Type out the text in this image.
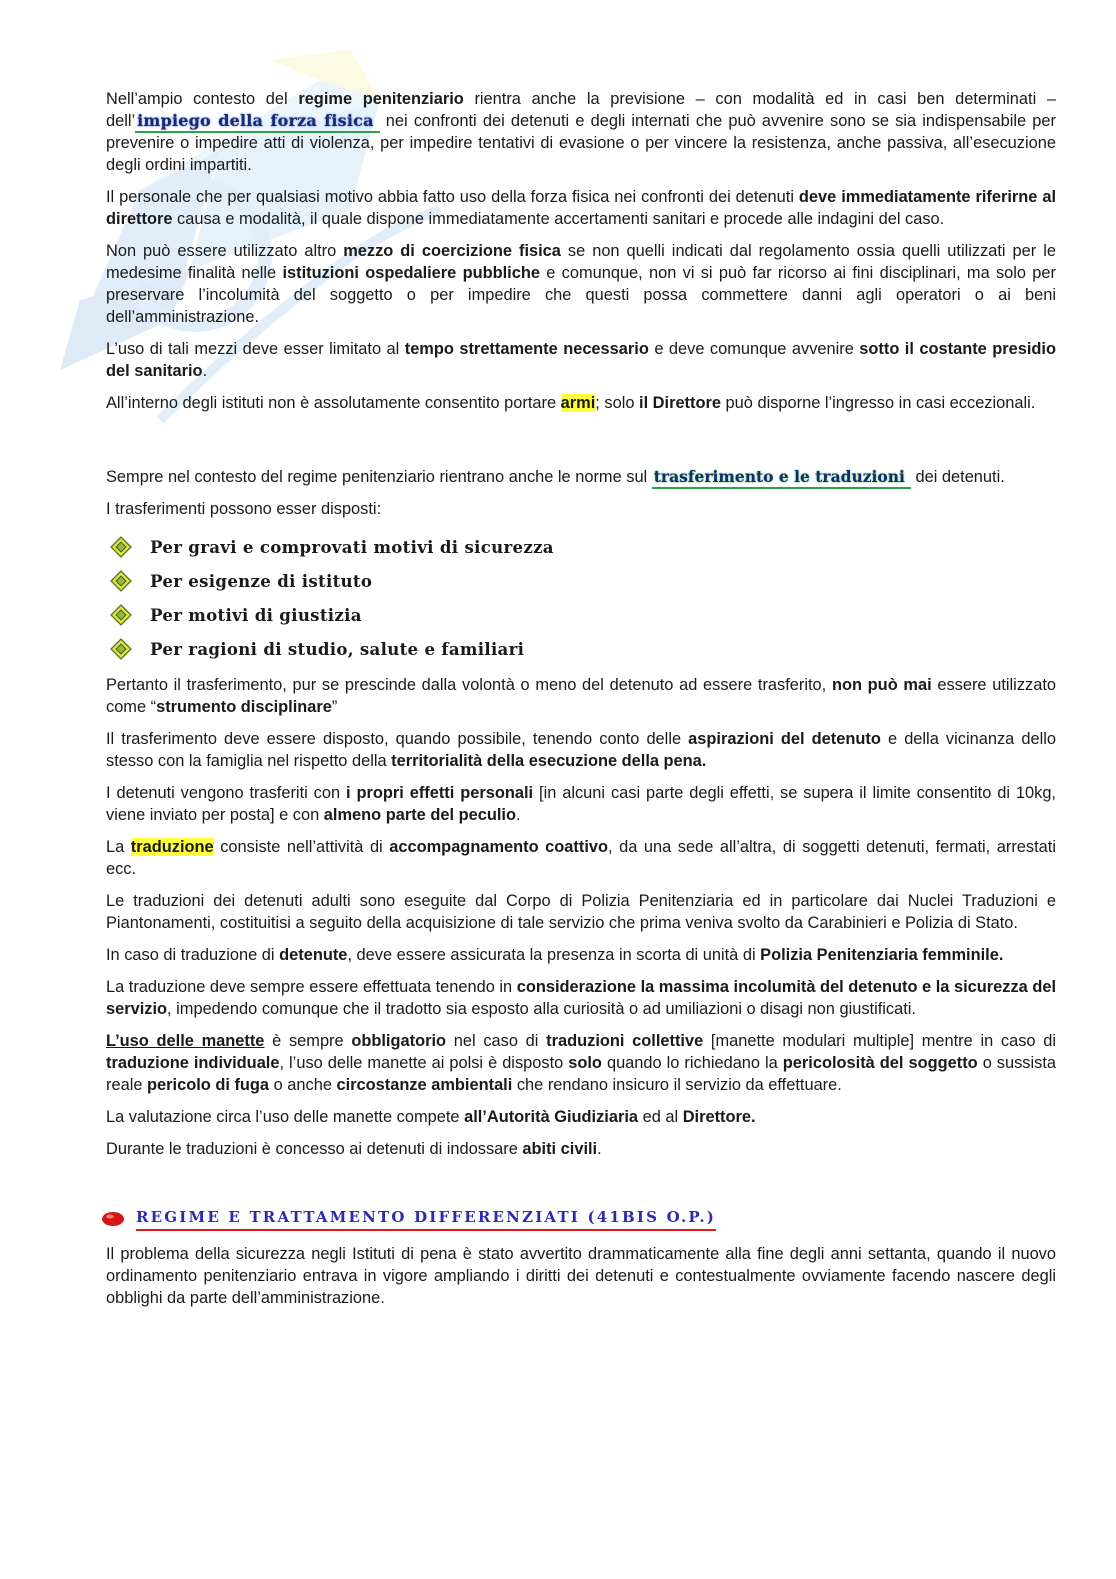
Nell’ampio contesto del regime penitenziario rientra anche la previsione – con modalità ed in casi ben determinati – dell’ impiego della forza fisica nei confronti dei detenuti e degli internati che può avvenire sono se sia indispensabile per prevenire o impedire atti di violenza, per impedire tentativi di evasione o per vincere la resistenza, anche passiva, all’esecuzione degli ordini impartiti.

Il personale che per qualsiasi motivo abbia fatto uso della forza fisica nei confronti dei detenuti deve immediatamente riferirne al direttore causa e modalità, il quale dispone immediatamente accertamenti sanitari e procede alle indagini del caso.

Non può essere utilizzato altro mezzo di coercizione fisica se non quelli indicati dal regolamento ossia quelli utilizzati per le medesime finalità nelle istituzioni ospedaliere pubbliche e comunque, non vi si può far ricorso ai fini disciplinari, ma solo per preservare l’incolumità del soggetto o per impedire che questi possa commettere danni agli operatori o ai beni dell’amministrazione.

L’uso di tali mezzi deve esser limitato al tempo strettamente necessario e deve comunque avvenire sotto il costante presidio del sanitario.

All’interno degli istituti non è assolutamente consentito portare armi; solo il Direttore può disporne l’ingresso in casi eccezionali.

Sempre nel contesto del regime penitenziario rientrano anche le norme sul trasferimento e le traduzioni dei detenuti.

I trasferimenti possono esser disposti:

Per gravi e comprovati motivi di sicurezza
Per esigenze di istituto
Per motivi di giustizia
Per ragioni di studio, salute e familiari

Pertanto il trasferimento, pur se prescinde dalla volontà o meno del detenuto ad essere trasferito, non può mai essere utilizzato come “strumento disciplinare”

Il trasferimento deve essere disposto, quando possibile, tenendo conto delle aspirazioni del detenuto e della vicinanza dello stesso con la famiglia nel rispetto della territorialità della esecuzione della pena.

I detenuti vengono trasferiti con i propri effetti personali [in alcuni casi parte degli effetti, se supera il limite consentito di 10kg, viene inviato per posta] e con almeno parte del peculio.

La traduzione consiste nell’attività di accompagnamento coattivo, da una sede all’altra, di soggetti detenuti, fermati, arrestati ecc.

Le traduzioni dei detenuti adulti sono eseguite dal Corpo di Polizia Penitenziaria ed in particolare dai Nuclei Traduzioni e Piantonamenti, costituitisi a seguito della acquisizione di tale servizio che prima veniva svolto da Carabinieri e Polizia di Stato.

In caso di traduzione di detenute, deve essere assicurata la presenza in scorta di unità di Polizia Penitenziaria femminile.

La traduzione deve sempre essere effettuata tenendo in considerazione la massima incolumità del detenuto e la sicurezza del servizio, impedendo comunque che il tradotto sia esposto alla curiosità o ad umiliazioni o disagi non giustificati.

L’uso delle manette è sempre obbligatorio nel caso di traduzioni collettive [manette modulari multiple] mentre in caso di traduzione individuale, l’uso delle manette ai polsi è disposto solo quando lo richiedano la pericolosità del soggetto o sussista reale pericolo di fuga o anche circostanze ambientali che rendano insicuro il servizio da effettuare.

La valutazione circa l’uso delle manette compete all’Autorità Giudiziaria ed al Direttore.

Durante le traduzioni è concesso ai detenuti di indossare abiti civili.

REGIME E TRATTAMENTO DIFFERENZIATI (41BIS O.P.)

Il problema della sicurezza negli Istituti di pena è stato avvertito drammaticamente alla fine degli anni settanta, quando il nuovo ordinamento penitenziario entrava in vigore ampliando i diritti dei detenuti e contestualmente ovviamente facendo nascere degli obblighi da parte dell’amministrazione.
